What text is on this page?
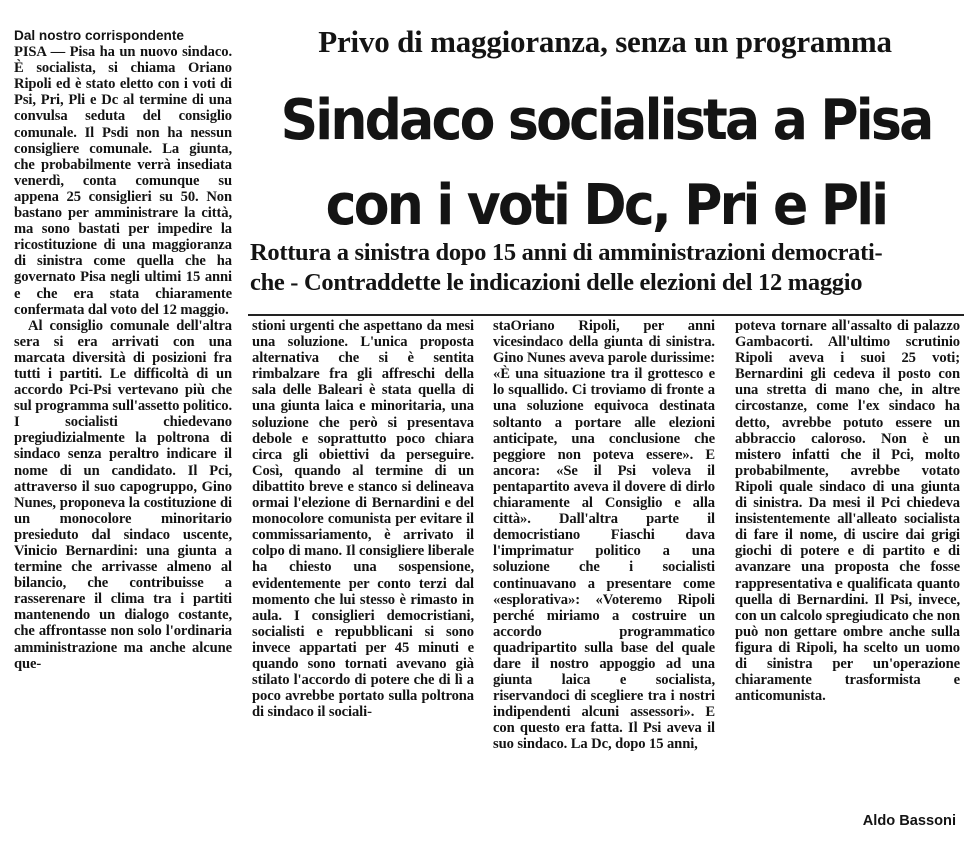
Dal nostro corrispondente

PISA — Pisa ha un nuovo sindaco. È socialista, si chiama Oriano Ripoli ed è stato eletto con i voti di Psi, Pri, Pli e Dc al termine di una convulsa seduta del consiglio comunale. Il Psdi non ha nessun consigliere comunale. La giunta, che probabilmente verrà insediata venerdì, conta comunque su appena 25 consiglieri su 50. Non bastano per amministrare la città, ma sono bastati per impedire la ricostituzione di una maggioranza di sinistra come quella che ha governato Pisa negli ultimi 15 anni e che era stata chiaramente confermata dal voto del 12 maggio.

Al consiglio comunale dell'altra sera si era arrivati con una marcata diversità di posizioni fra tutti i partiti. Le difficoltà di un accordo Pci-Psi vertevano più che sul programma sull'assetto politico. I socialisti chiedevano pregiudizialmente la poltrona di sindaco senza peraltro indicare il nome di un candidato. Il Pci, attraverso il suo capogruppo, Gino Nunes, proponeva la costituzione di un monocolore minoritario presieduto dal sindaco uscente, Vinicio Bernardini: una giunta a termine che arrivasse almeno al bilancio, che contribuisse a rasserenare il clima tra i partiti mantenendo un dialogo costante, che affrontasse non solo l'ordinaria amministrazione ma anche alcune que-

Privo di maggioranza, senza un programma
Sindaco socialista a Pisa
con i voti Dc, Pri e Pli
Rottura a sinistra dopo 15 anni di amministrazioni democrati-
che - Contraddette le indicazioni delle elezioni del 12 maggio

stioni urgenti che aspettano da mesi una soluzione. L'unica proposta alternativa che si è sentita rimbalzare fra gli affreschi della sala delle Baleari è stata quella di una giunta laica e minoritaria, una soluzione che però si presentava debole e soprattutto poco chiara circa gli obiettivi da perseguire. Così, quando al termine di un dibattito breve e stanco si delineava ormai l'elezione di Bernardini e del monocolore comunista per evitare il commissariamento, è arrivato il colpo di mano. Il consigliere liberale ha chiesto una sospensione, evidentemente per conto terzi dal momento che lui stesso è rimasto in aula. I consiglieri democristiani, socialisti e repubblicani si sono invece appartati per 45 minuti e quando sono tornati avevano già stilato l'accordo di potere che di lì a poco avrebbe portato sulla poltrona di sindaco il sociali-

staOriano Ripoli, per anni vicesindaco della giunta di sinistra. Gino Nunes aveva parole durissime: «È una situazione tra il grottesco e lo squallido. Ci troviamo di fronte a una soluzione equivoca destinata soltanto a portare alle elezioni anticipate, una conclusione che peggiore non poteva essere». E ancora: «Se il Psi voleva il pentapartito aveva il dovere di dirlo chiaramente al Consiglio e alla città». Dall'altra parte il democristiano Fiaschi dava l'imprimatur politico a una soluzione che i socialisti continuavano a presentare come «esplorativa»: «Voteremo Ripoli perché miriamo a costruire un accordo programmatico quadripartito sulla base del quale dare il nostro appoggio ad una giunta laica e socialista, riservandoci di sceglierе tra i nostri indipendenti alcuni assessori». E con questo era fatta. Il Psi aveva il suo sindaco. La Dc, dopo 15 anni,

poteva tornare all'assalto di palazzo Gambacorti. All'ultimo scrutinio Ripoli aveva i suoi 25 voti; Bernardini gli cedeva il posto con una stretta di mano che, in altre circostanze, come l'ex sindaco ha detto, avrebbe potuto essere un abbraccio caloroso. Non è un mistero infatti che il Pci, molto probabilmente, avrebbe votato Ripoli quale sindaco di una giunta di sinistra. Da mesi il Pci chiedeva insistentemente all'alleato socialista di fare il nome, di uscire dai grigi giochi di potere e di partito e di avanzare una proposta che fosse rappresentativa e qualificata quanto quella di Bernardini. Il Psi, invece, con un calcolo spregiudicato che non può non gettare ombre anche sulla figura di Ripoli, ha scelto un uomo di sinistra per un'operazione chiaramente trasformista e anticomunista.

Aldo Bassoni
